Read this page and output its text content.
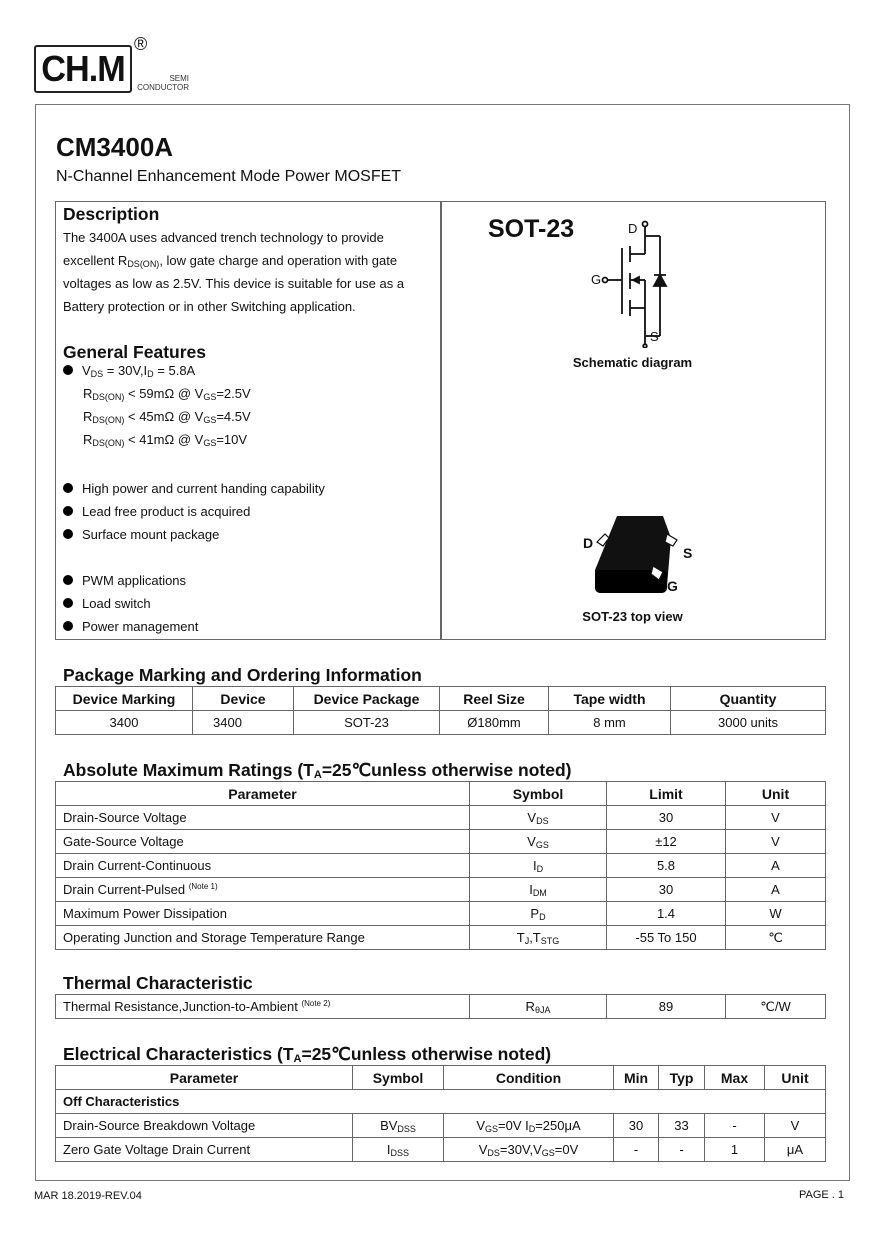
CH.M
®
SEMI
CONDUCTOR
CM3400A
N-Channel Enhancement Mode Power MOSFET
Description

The 3400A uses advanced trench technology to provide excellent $R_{DS(ON)}$, low gate charge and operation with gate voltages as low as 2.5V. This device is suitable for use as a Battery protection or in other Switching application.

General Features
$V_{DS} = 30V,I_D = 5.8A$
$R_{DS(ON)} < 59m\Omega$ @ $V_{GS}=2.5V$
$R_{DS(ON)} < 45m\Omega$ @ $V_{GS}=4.5V$
$R_{DS(ON)} < 41m\Omega$ @ $V_{GS}=10V$
High power and current handing capability
Lead free product is acquired
Surface mount package
PWM applications
Load switch
Power management
SOT-23	D
G
S
Schematic diagram
D
S
G
SOT-23 top view
Package Marking and Ordering Information
Device Marking	Device	Device Package	Reel Size	Tape width	Quantity
3400	3400	SOT-23	Ø180mm	8 mm	3000 units
Absolute Maximum Ratings ($T_A=25℃unless$ otherwise noted)
Parameter	Symbol	Limit	Unit
Drain-Source Voltage	$V_{DS}$	30	V
Gate-Source Voltage	$V_{GS}$	±12	V
Drain Current-Continuous	$I_D$	5.8	A
Drain Current-Pulsed $^{(Note 1)}$	$I_{DM}$	30	A
Maximum Power Dissipation	$P_D$	1.4	W
Operating Junction and Storage Temperature Range	$T_J,T_{STG}$	-55 To 150	℃
Thermal Characteristic
Thermal Resistance,Junction-to-Ambient $^{(Note 2)}$	$R_{\theta JA}$	89	℃/W
Electrical Characteristics ($T_A=25℃unless$ otherwise noted)
Parameter	Symbol	Condition	Min	Typ	Max	Unit
Off Characteristics						
Drain-Source Breakdown Voltage	$BV_{DSS}$	$V_{GS}=0V$ $I_D=250\mu A$	30	33	-	V
Zero Gate Voltage Drain Current	$I_{DSS}$	$V_{DS}=30V,V_{GS}=0V$	-	-	1	μA
MAR 18.2019-REV.04	PAGE . 1
